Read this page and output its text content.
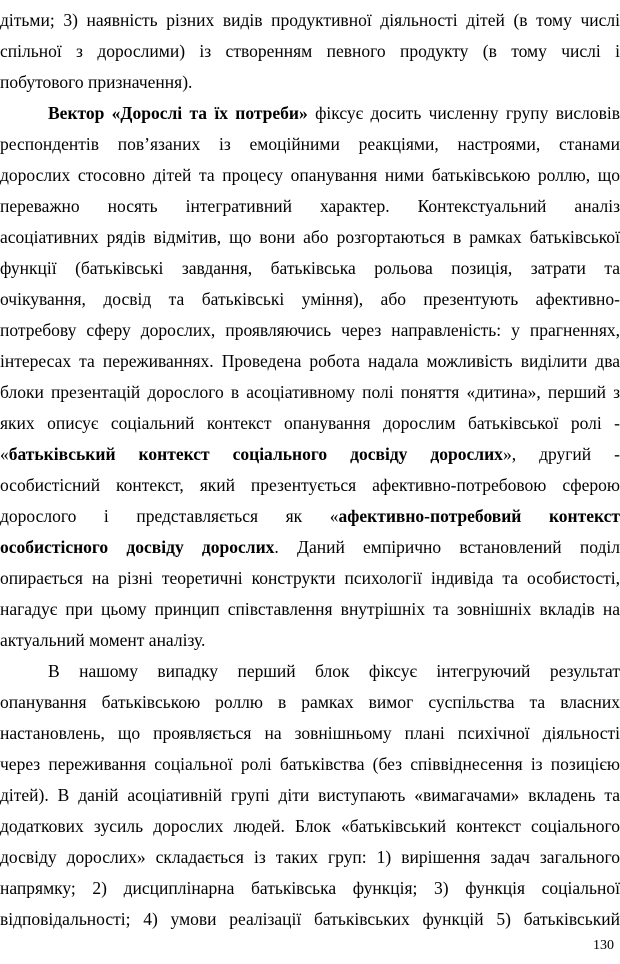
дітьми; 3) наявність різних видів продуктивної діяльності дітей (в тому числі

спільної з дорослими) із створенням певного продукту (в тому числі і

побутового призначення).

Вектор «Дорослі та їх потреби» фіксує досить численну групу висловів

респондентів пов’язаних із емоційними реакціями, настроями, станами

дорослих стосовно дітей та процесу опанування ними батьківською роллю, що

переважно носять інтегративний характер. Контекстуальний аналіз

асоціативних рядів відмітив, що вони або розгортаються в рамках батьківської

функції (батьківські завдання, батьківська рольова позиція, затрати та

очікування, досвід та батьківські уміння), або презентують афективно-

потребову сферу дорослих, проявляючись через направленість: у прагненнях,

інтересах та переживаннях. Проведена робота надала можливість виділити два

блоки презентацій дорослого в асоціативному полі поняття «дитина», перший з

яких описує соціальний контекст опанування дорослим батьківської ролі -

«батьківський контекст соціального досвіду дорослих», другий -

особистісний контекст, який презентується афективно-потребовою сферою

дорослого і представляється як «афективно-потребовий контекст

особистісного досвіду дорослих. Даний емпірично встановлений поділ

опирається на різні теоретичні конструкти психології індивіда та особистості,

нагадує при цьому принцип співставлення внутрішніх та зовнішніх вкладів на

актуальний момент аналізу.

В нашому випадку перший блок фіксує інтегруючий результат

опанування батьківською роллю в рамках вимог суспільства та власних

настановлень, що проявляється на зовнішньому плані психічної діяльності

через переживання соціальної ролі батьківства (без співвіднесення із позицією

дітей). В даній асоціативній групі діти виступають «вимагачами» вкладень та

додаткових зусиль дорослих людей. Блок «батьківський контекст соціального

досвіду дорослих» складається із таких груп: 1) вирішення задач загального

напрямку; 2) дисциплінарна батьківська функція; 3) функція соціальної

відповідальності; 4) умови реалізації батьківських функцій 5) батьківський

130
